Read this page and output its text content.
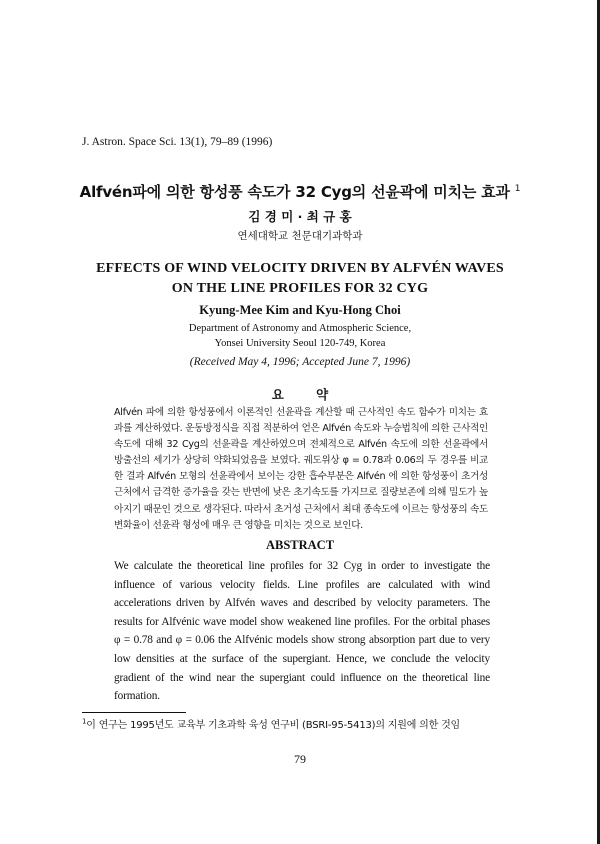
J. Astron. Space Sci. 13(1), 79–89 (1996)
Alfvén파에 의한 항성풍 속도가 32 Cyg의 선윤곽에 미치는 효과 $^1$
김 경 미 · 최 규 홍
연세대학교 천문대기과학과
EFFECTS OF WIND VELOCITY DRIVEN BY ALFVÉN WAVES
ON THE LINE PROFILES FOR 32 CYG
Kyung-Mee Kim and Kyu-Hong Choi
Department of Astronomy and Atmospheric Science,
Yonsei University Seoul 120-749, Korea
(Received May 4, 1996; Accepted June 7, 1996)
요 약
Alfvén 파에 의한 항성풍에서 이론적인 선윤곽을 계산할 때 근사적인 속도 함수가 미치는 효과를 계산하였다. 운동방정식을 직접 적분하여 얻은 Alfvén 속도와 누승법칙에 의한 근사적인 속도에 대해 32 Cyg의 선윤곽을 계산하였으며 전체적으로 Alfvén 속도에 의한 선윤곽에서 방출선의 세기가 상당히 약화되었음을 보였다. 궤도위상 φ = 0.78과 0.06의 두 경우를 비교한 결과 Alfvén 모형의 선윤곽에서 보이는 강한 흡수부분은 Alfvén 에 의한 항성풍이 초거성 근처에서 급격한 증가율을 갖는 반면에 낮은 초기속도를 가지므로 질량보존에 의해 밀도가 높아지기 때문인 것으로 생각된다. 따라서 초거성 근처에서 최대 종속도에 이르는 항성풍의 속도 변화율이 선윤곽 형성에 매우 큰 영향을 미치는 것으로 보인다.
ABSTRACT
We calculate the theoretical line profiles for 32 Cyg in order to investigate the influence of various velocity fields. Line profiles are calculated with wind accelerations driven by Alfvén waves and described by velocity parameters. The results for Alfvénic wave model show weakened line profiles. For the orbital phases φ = 0.78 and φ = 0.06 the Alfvénic models show strong absorption part due to very low densities at the surface of the supergiant. Hence, we conclude the velocity gradient of the wind near the supergiant could influence on the theoretical line formation.
$^1$이 연구는 1995년도 교육부 기초과학 육성 연구비 (BSRI-95-5413)의 지원에 의한 것임
79
